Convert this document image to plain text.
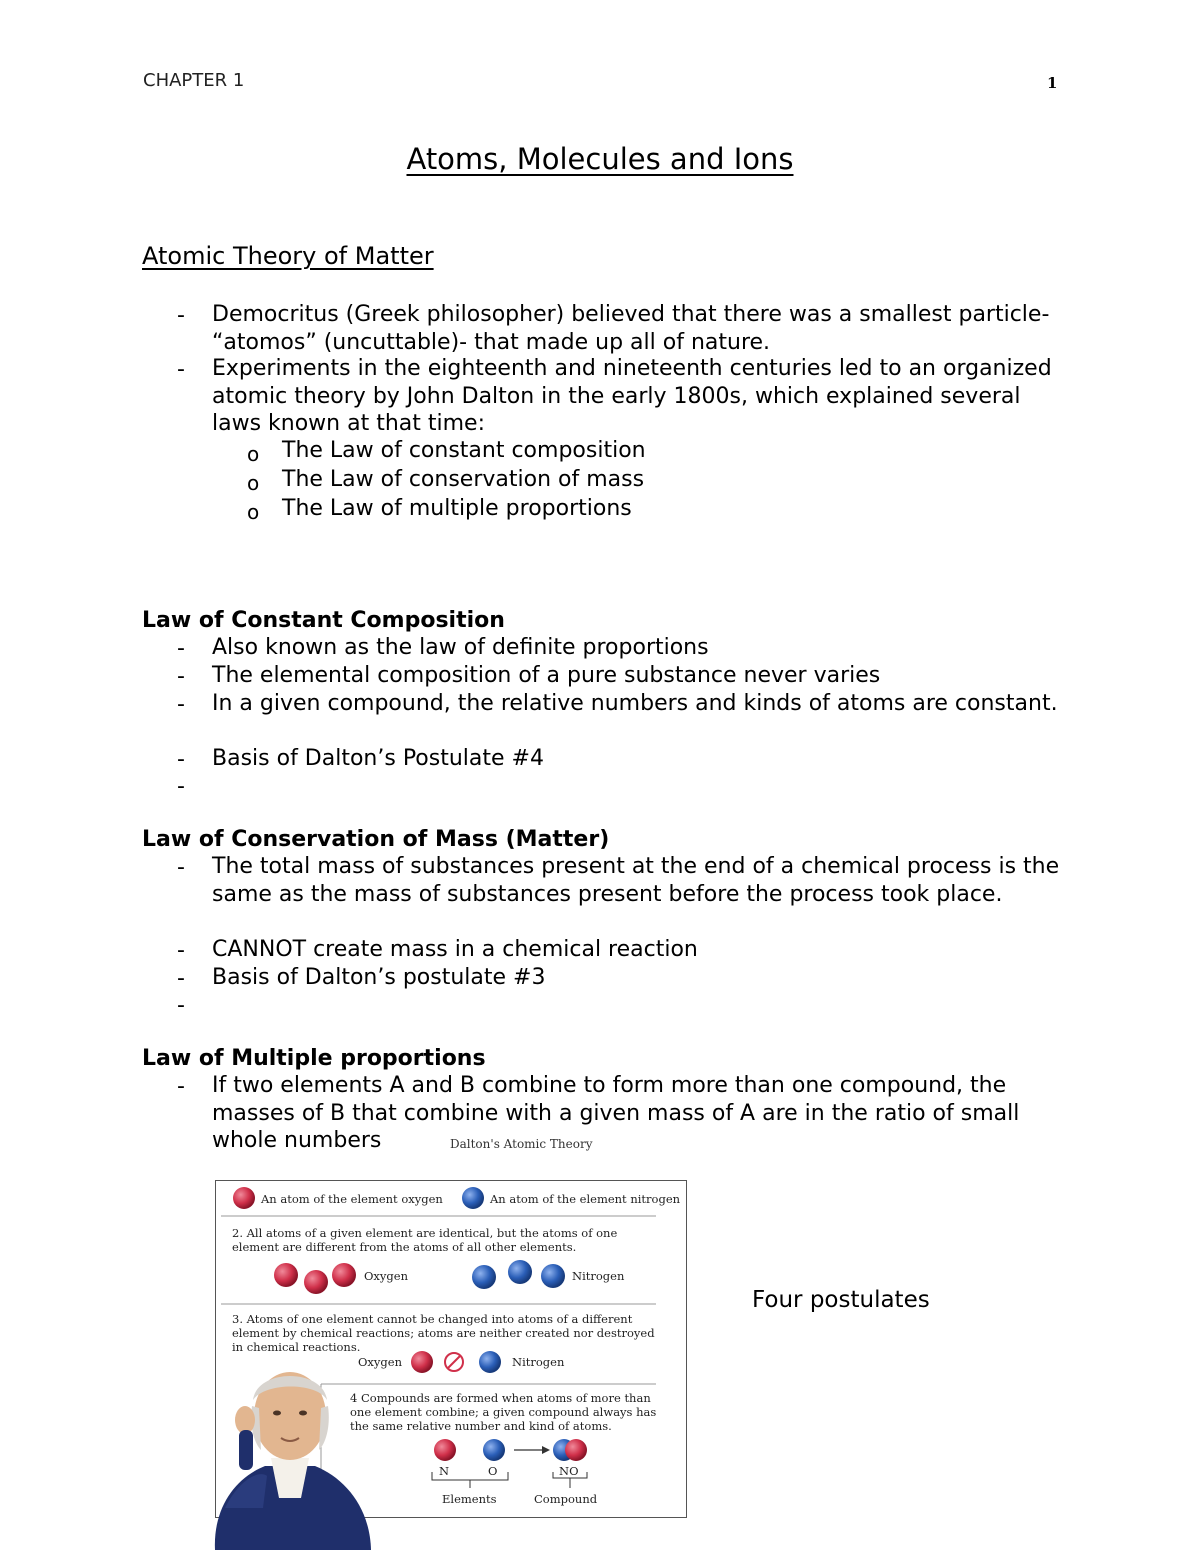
CHAPTER 1	1
Atoms, Molecules and Ions
Atomic Theory of Matter
-	Democritus (Greek philosopher) believed that there was a smallest particle- “atomos” (uncuttable)- that made up all of nature.
-	Experiments in the eighteenth and nineteenth centuries led to an organized atomic theory by John Dalton in the early 1800s, which explained several laws known at that time:
o The Law of constant composition
o The Law of conservation of mass
o The Law of multiple proportions
Law of Constant Composition
-	Also known as the law of definite proportions
-	The elemental composition of a pure substance never varies
-	In a given compound, the relative numbers and kinds of atoms are constant.
-	Basis of Dalton’s Postulate #4
-
Law of Conservation of Mass (Matter)
-	The total mass of substances present at the end of a chemical process is the same as the mass of substances present before the process took place.
-	CANNOT create mass in a chemical reaction
-	Basis of Dalton’s postulate #3
-
Law of Multiple proportions
-	If two elements A and B combine to form more than one compound, the masses of B that combine with a given mass of A are in the ratio of small whole numbers	Dalton's Atomic Theory
An atom of the element oxygen	An atom of the element nitrogen
2. All atoms of a given element are identical, but the atoms of one element are different from the atoms of all other elements.
Oxygen	Nitrogen
3. Atoms of one element cannot be changed into atoms of a different element by chemical reactions; atoms are neither created nor destroyed in chemical reactions.
Oxygen	Nitrogen
4 Compounds are formed when atoms of more than one element combine; a given compound always has the same relative number and kind of atoms.
N	O	NO
Elements	Compound
Four postulates
